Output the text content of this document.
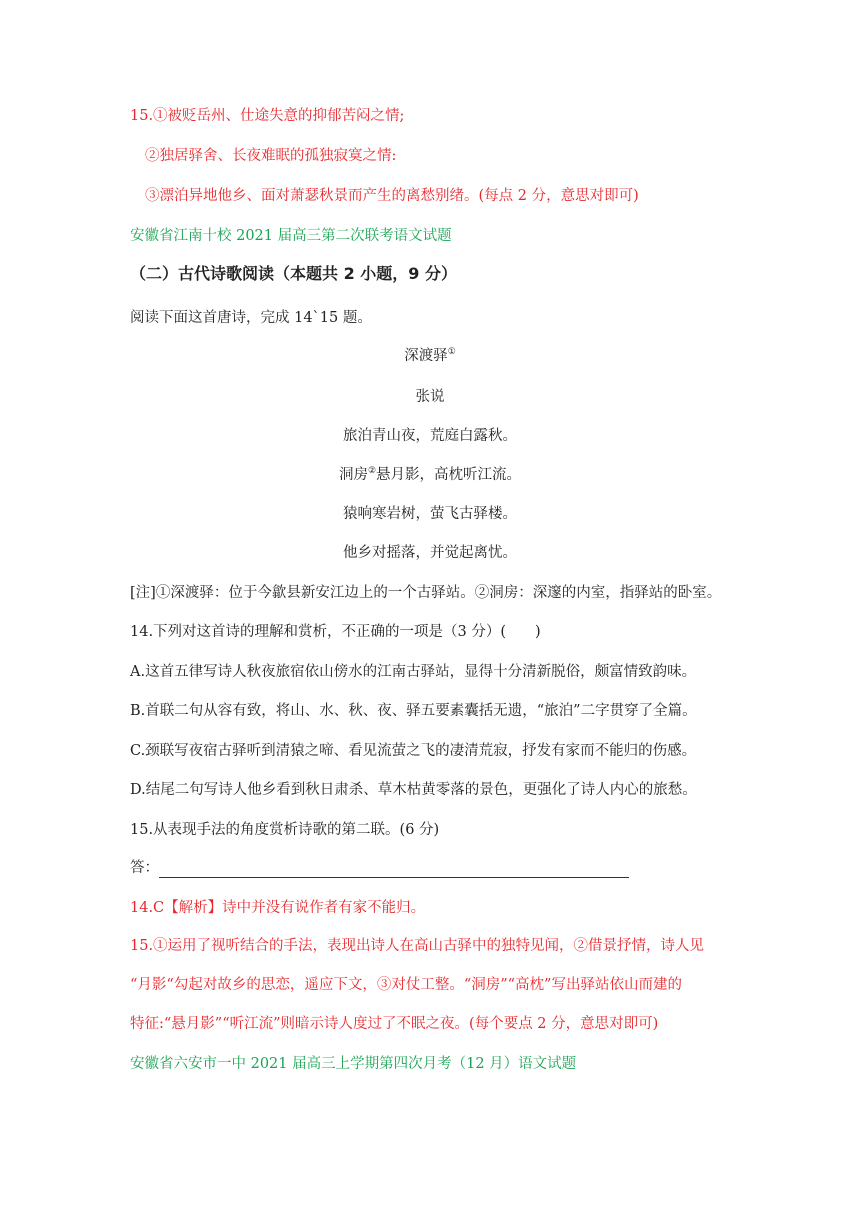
15.①被贬岳州、仕途失意的抑郁苦闷之情;
②独居驿舍、长夜难眠的孤独寂寞之情:
③漂泊异地他乡、面对萧瑟秋景而产生的离愁别绪。(每点 2 分，意思对即可)
安徽省江南十校 2021 届高三第二次联考语文试题
（二）古代诗歌阅读（本题共 2 小题，9 分）
阅读下面这首唐诗，完成 14`15 题。
深渡驿①
张说
旅泊青山夜，荒庭白露秋。
洞房②悬月影，高枕听江流。
猿响寒岩树，萤飞古驿楼。
他乡对摇落，并觉起离忧。
[注]①深渡驿：位于今歙县新安江边上的一个古驿站。②洞房：深邃的内室，指驿站的卧室。
14.下列对这首诗的理解和赏析，不正确的一项是（3 分）(　　)
A.这首五律写诗人秋夜旅宿依山傍水的江南古驿站，显得十分清新脱俗，颇富情致韵味。
B.首联二句从容有致，将山、水、秋、夜、驿五要素囊括无遗，“旅泊”二字贯穿了全篇。
C.颈联写夜宿古驿听到清猿之啼、看见流萤之飞的凄清荒寂，抒发有家而不能归的伤感。
D.结尾二句写诗人他乡看到秋日肃杀、草木枯黄零落的景色，更强化了诗人内心的旅愁。
15.从表现手法的角度赏析诗歌的第二联。(6 分)
答：
14.C【解析】诗中并没有说作者有家不能归。
15.①运用了视听结合的手法，表现出诗人在高山古驿中的独特见闻，②借景抒情，诗人见
“月影“勾起对故乡的思恋，遥应下文，③对仗工整。“洞房”“高枕”写出驿站依山而建的
特征:“悬月影”“听江流”则暗示诗人度过了不眠之夜。(每个要点 2 分，意思对即可)
安徽省六安市一中 2021 届高三上学期第四次月考（12 月）语文试题
